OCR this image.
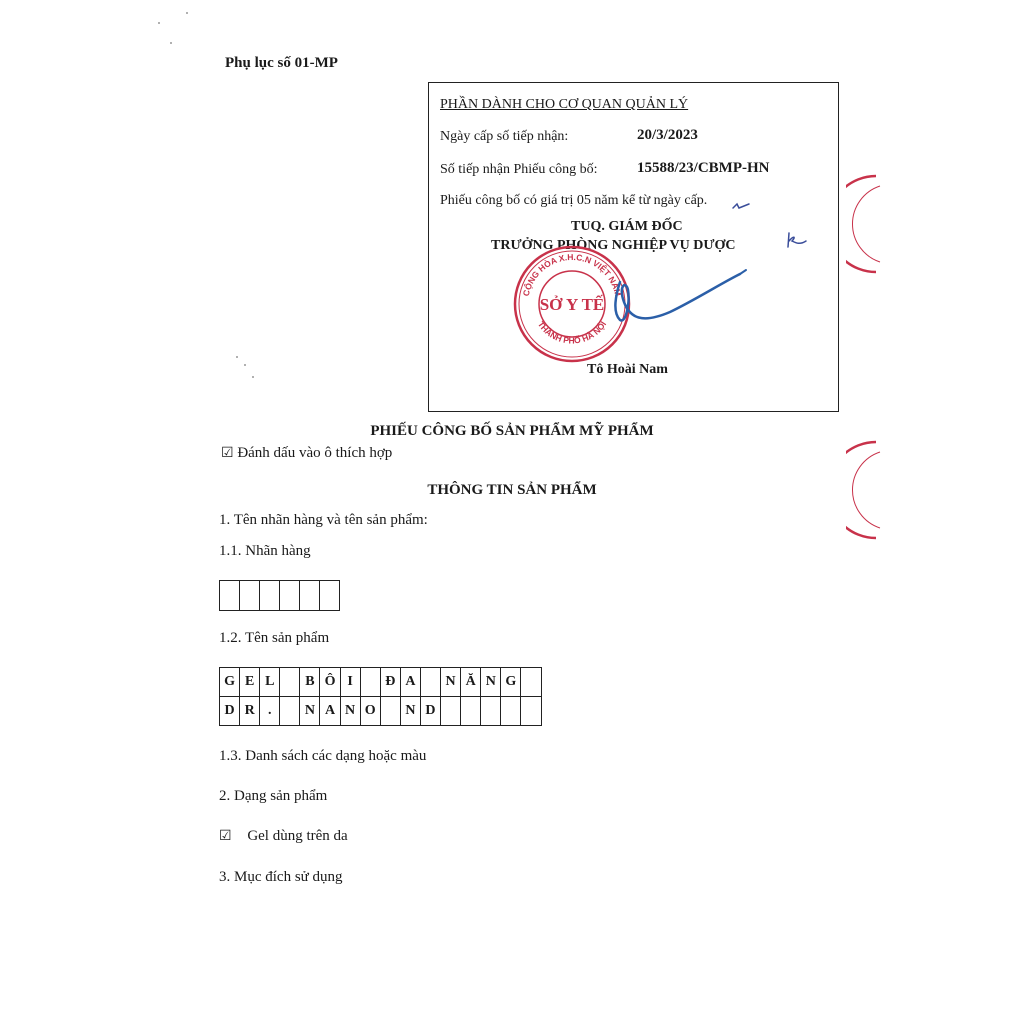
Phụ lục số 01-MP
PHẦN DÀNH CHO CƠ QUAN QUẢN LÝ
Ngày cấp số tiếp nhận:	20/3/2023
Số tiếp nhận Phiếu công bố:	15588/23/CBMP-HN
Phiếu công bố có giá trị 05 năm kể từ ngày cấp.
TUQ. GIÁM ĐỐC
TRƯỞNG PHÒNG NGHIỆP VỤ DƯỢC
Tô Hoài Nam
CỘNG HÒA X.H.C.N VIỆT NAM
THÀNH PHỐ HÀ NỘI
SỞ Y TẾ
PHIẾU CÔNG BỐ SẢN PHẨM MỸ PHẨM
☑ Đánh dấu vào ô thích hợp
THÔNG TIN SẢN PHẨM
1. Tên nhãn hàng và tên sản phẩm:
1.1. Nhãn hàng
1.2. Tên sản phẩm
G E L	B Ô I	Đ A	N Ă N G
D R .	N A N O	N D
1.3. Danh sách các dạng hoặc màu
2. Dạng sản phẩm
☑ Gel dùng trên da
3. Mục đích sử dụng
